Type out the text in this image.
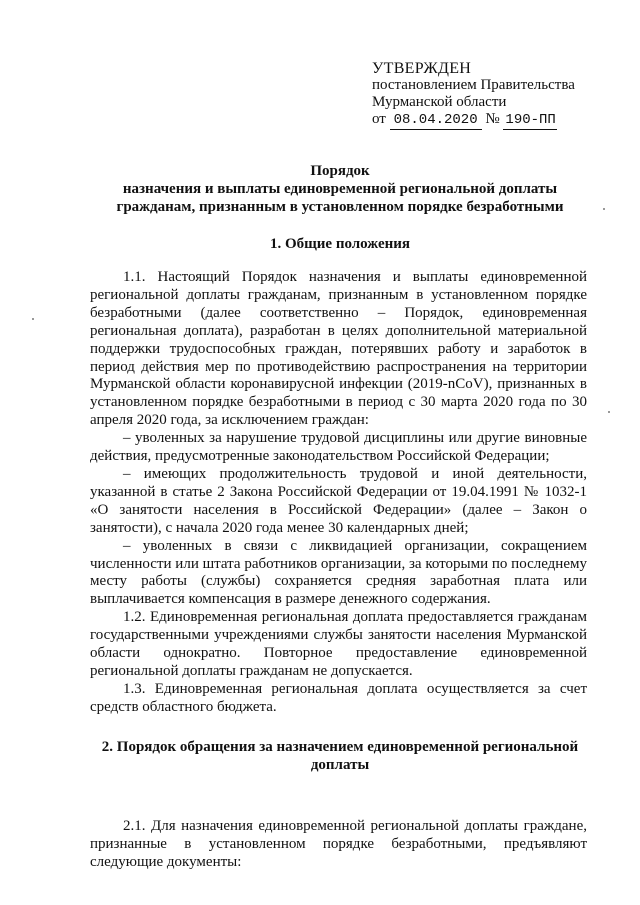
УТВЕРЖДЕН
постановлением Правительства
Мурманской области
от 08.04.2020 № 190-ПП
Порядок
назначения и выплаты единовременной региональной доплаты
гражданам, признанным в установленном порядке безработными
1. Общие положения

1.1. Настоящий Порядок назначения и выплаты единовременной региональной доплаты гражданам, признанным в установленном порядке безработными (далее соответственно – Порядок, единовременная региональная доплата), разработан в целях дополнительной материальной поддержки трудоспособных граждан, потерявших работу и заработок в период действия мер по противодействию распространения на территории Мурманской области коронавирусной инфекции (2019-nCoV), признанных в установленном порядке безработными в период с 30 марта 2020 года по 30 апреля 2020 года, за исключением граждан:

– уволенных за нарушение трудовой дисциплины или другие виновные действия, предусмотренные законодательством Российской Федерации;

– имеющих продолжительность трудовой и иной деятельности, указанной в статье 2 Закона Российской Федерации от 19.04.1991 № 1032-1 «О занятости населения в Российской Федерации» (далее – Закон о занятости), с начала 2020 года менее 30 календарных дней;

– уволенных в связи с ликвидацией организации, сокращением численности или штата работников организации, за которыми по последнему месту работы (службы) сохраняется средняя заработная плата или выплачивается компенсация в размере денежного содержания.

1.2. Единовременная региональная доплата предоставляется гражданам государственными учреждениями службы занятости населения Мурманской области однократно. Повторное предоставление единовременной региональной доплаты гражданам не допускается.

1.3. Единовременная региональная доплата осуществляется за счет средств областного бюджета.

2. Порядок обращения за назначением единовременной региональной
доплаты

2.1. Для назначения единовременной региональной доплаты граждане, признанные в установленном порядке безработными, предъявляют следующие документы:
